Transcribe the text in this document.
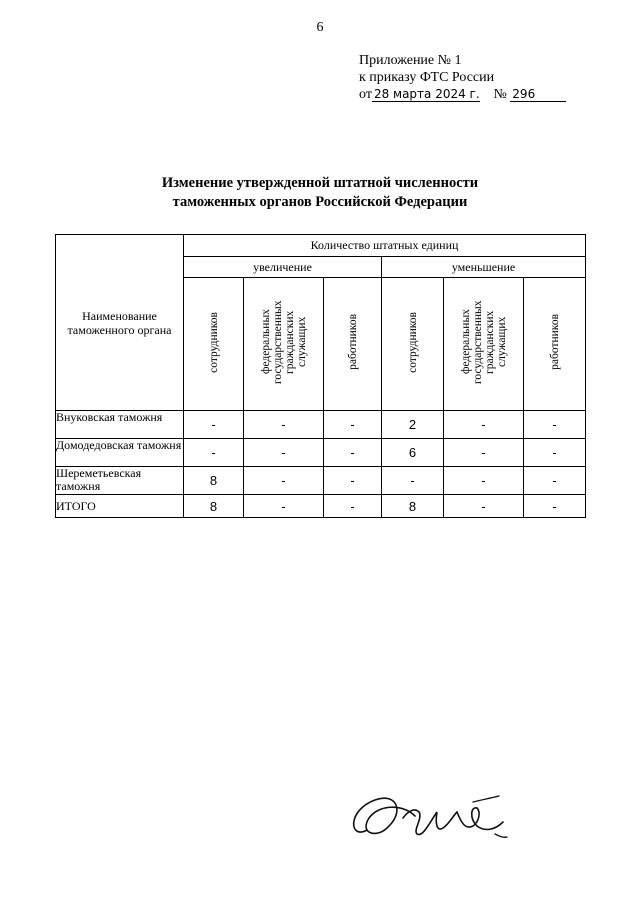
6
Приложение № 1
к приказу ФТС России
от 28 марта 2024 г. № 296
Изменение утвержденной штатной численности
таможенных органов Российской Федерации
Наименование таможенного органа	Количество штатных единиц					
	увеличение			уменьшение		
	сотрудников	федеральных государственных гражданских служащих	работников	сотрудников	федеральных государственных гражданских служащих	работников
Внуковская таможня	-	-	-	2	-	-
Домодедовская таможня	-	-	-	6	-	-
Шереметьевская таможня	8	-	-	-	-	-
ИТОГО	8	-	-	8	-	-
